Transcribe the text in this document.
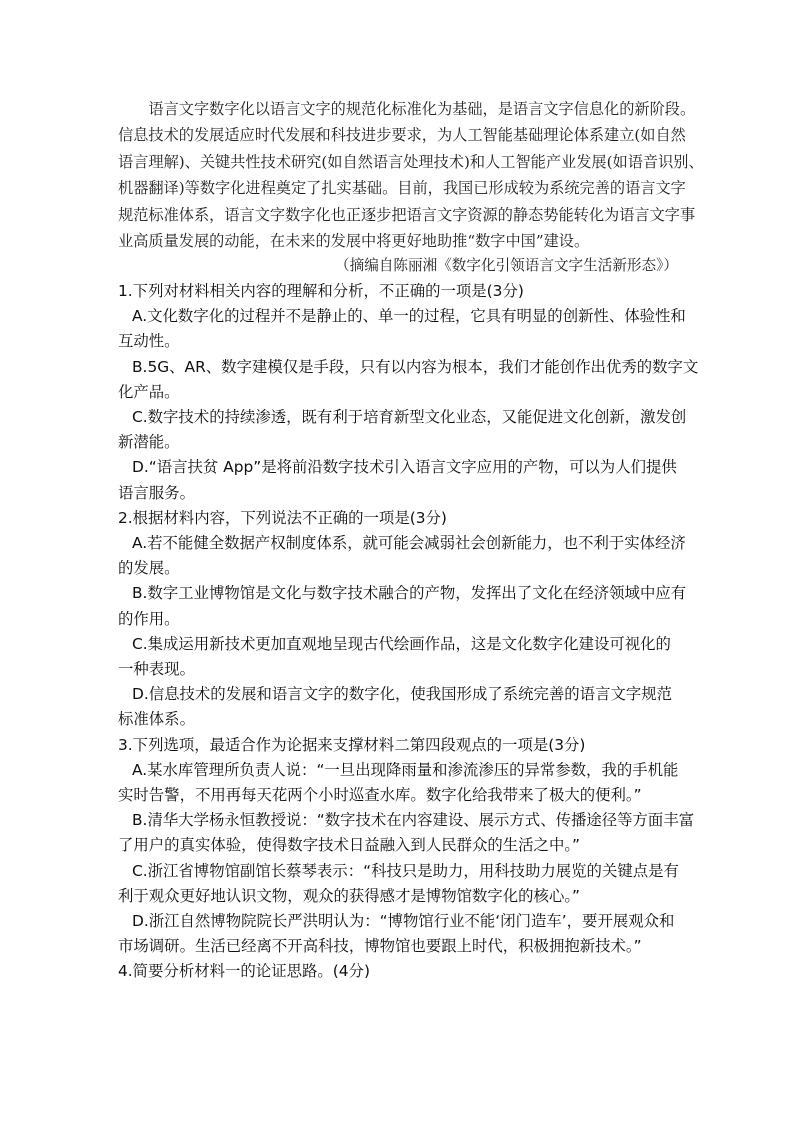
语言文字数字化以语言文字的规范化标准化为基础，是语言文字信息化的新阶段。
信息技术的发展适应时代发展和科技进步要求，为人工智能基础理论体系建立(如自然
语言理解)、关键共性技术研究(如自然语言处理技术)和人工智能产业发展(如语音识别、
机器翻译)等数字化进程奠定了扎实基础。目前，我国已形成较为系统完善的语言文字
规范标准体系，语言文字数字化也正逐步把语言文字资源的静态势能转化为语言文字事
业高质量发展的动能，在未来的发展中将更好地助推“数字中国”建设。
（摘编自陈丽湘《数字化引领语言文字生活新形态》）

1.下列对材料相关内容的理解和分析，不正确的一项是(3分)

A.文化数字化的过程并不是静止的、单一的过程，它具有明显的创新性、体验性和
互动性。
B.5G、AR、数字建模仅是手段，只有以内容为根本，我们才能创作出优秀的数字文
化产品。
C.数字技术的持续渗透，既有利于培育新型文化业态，又能促进文化创新，激发创
新潜能。
D.“语言扶贫 App”是将前沿数字技术引入语言文字应用的产物，可以为人们提供
语言服务。

2.根据材料内容，下列说法不正确的一项是(3分)

A.若不能健全数据产权制度体系，就可能会减弱社会创新能力，也不利于实体经济
的发展。
B.数字工业博物馆是文化与数字技术融合的产物，发挥出了文化在经济领域中应有
的作用。
C.集成运用新技术更加直观地呈现古代绘画作品，这是文化数字化建设可视化的
一种表现。
D.信息技术的发展和语言文字的数字化，使我国形成了系统完善的语言文字规范
标准体系。

3.下列选项，最适合作为论据来支撑材料二第四段观点的一项是(3分)

A.某水库管理所负责人说：“一旦出现降雨量和渗流渗压的异常参数，我的手机能
实时告警，不用再每天花两个小时巡查水库。数字化给我带来了极大的便利。”
B.清华大学杨永恒教授说：“数字技术在内容建设、展示方式、传播途径等方面丰富
了用户的真实体验，使得数字技术日益融入到人民群众的生活之中。”
C.浙江省博物馆副馆长蔡琴表示：“科技只是助力，用科技助力展览的关键点是有
利于观众更好地认识文物，观众的获得感才是博物馆数字化的核心。”
D.浙江自然博物院院长严洪明认为：“博物馆行业不能‘闭门造车’，要开展观众和
市场调研。生活已经离不开高科技，博物馆也要跟上时代，积极拥抱新技术。”

4.简要分析材料一的论证思路。(4分)
